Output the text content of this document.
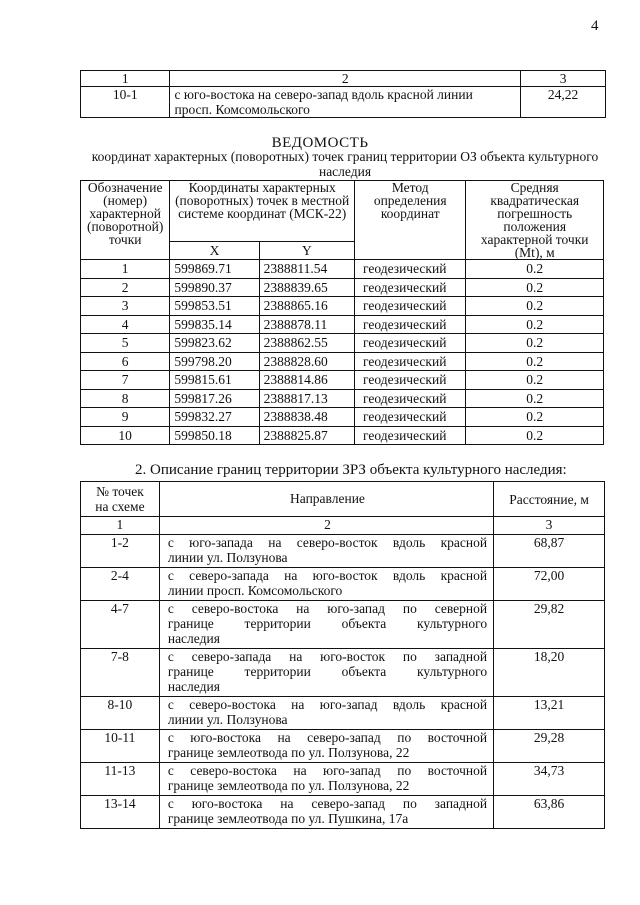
4
1	2	3
10-1	с юго-востока на северо-запад вдоль красной линии
просп. Комсомольского	24,22
ВЕДОМОСТЬ
координат характерных (поворотных) точек границ территории ОЗ объекта культурного наследия
Обозначение (номер) характерной (поворотной) точки	Координаты характерных (поворотных) точек в местной системе координат (МСК-22)		Метод определения координат	Средняя квадратическая погрешность положения характерной точки (Mt), м
	X	Y		
1	599869.71	2388811.54	геодезический	0.2
2	599890.37	2388839.65	геодезический	0.2
3	599853.51	2388865.16	геодезический	0.2
4	599835.14	2388878.11	геодезический	0.2
5	599823.62	2388862.55	геодезический	0.2
6	599798.20	2388828.60	геодезический	0.2
7	599815.61	2388814.86	геодезический	0.2
8	599817.26	2388817.13	геодезический	0.2
9	599832.27	2388838.48	геодезический	0.2
10	599850.18	2388825.87	геодезический	0.2
2. Описание границ территории ЗРЗ объекта культурного наследия:
№ точек
на схеме	Направление	Расстояние, м
1	2	3
1-2	с юго-запада на северо-восток вдоль красной
линии ул. Ползунова	68,87
2-4	с северо-запада на юго-восток вдоль красной
линии просп. Комсомольского	72,00
4-7	с северо-востока на юго-запад по северной
границе территории объекта культурного
наследия	29,82
7-8	с северо-запада на юго-восток по западной
границе территории объекта культурного
наследия	18,20
8-10	с северо-востока на юго-запад вдоль красной
линии ул. Ползунова	13,21
10-11	с юго-востока на северо-запад по восточной
границе землеотвода по ул. Ползунова, 22	29,28
11-13	с северо-востока на юго-запад по восточной
границе землеотвода по ул. Ползунова, 22	34,73
13-14	с юго-востока на северо-запад по западной
границе землеотвода по ул. Пушкина, 17а	63,86
